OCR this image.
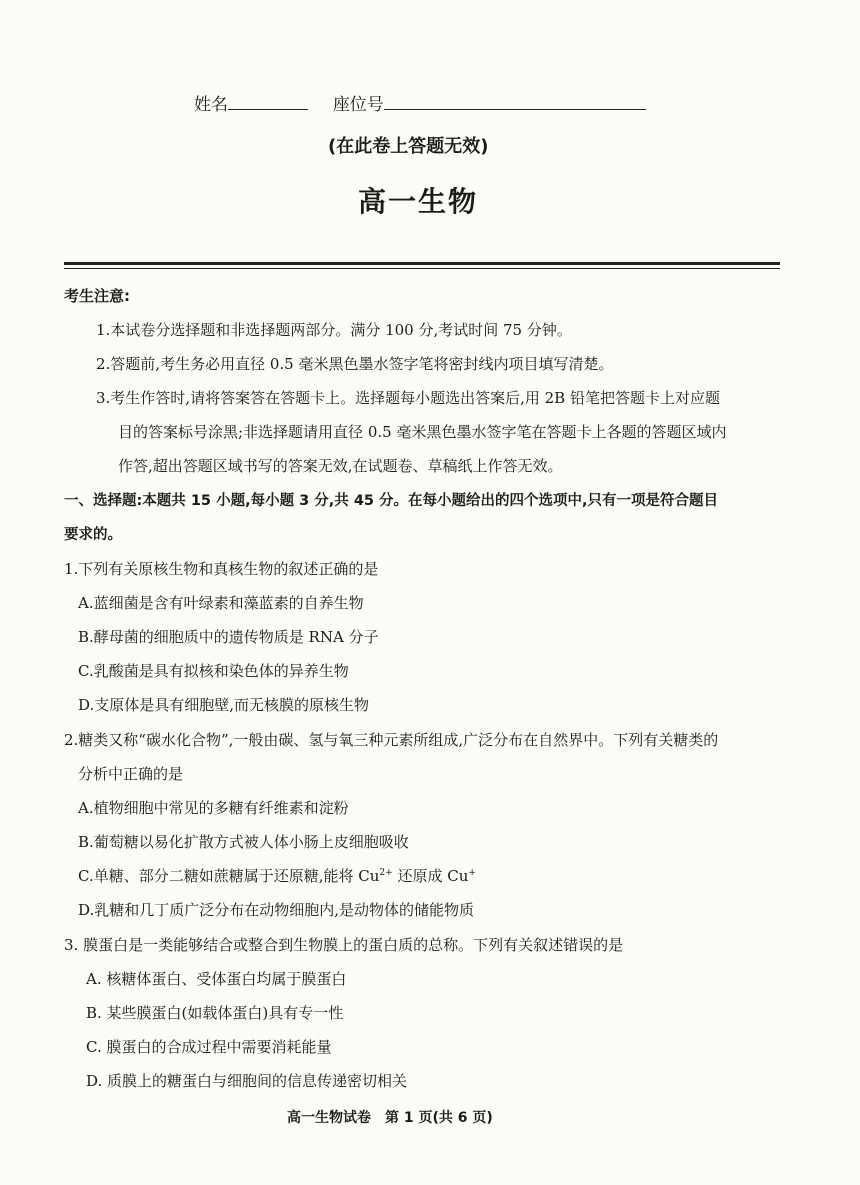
姓名	座位号
(在此卷上答题无效)
高一生物
考生注意:
1.本试卷分选择题和非选择题两部分。满分 100 分,考试时间 75 分钟。
2.答题前,考生务必用直径 0.5 毫米黑色墨水签字笔将密封线内项目填写清楚。
3.考生作答时,请将答案答在答题卡上。选择题每小题选出答案后,用 2B 铅笔把答题卡上对应题
目的答案标号涂黑;非选择题请用直径 0.5 毫米黑色墨水签字笔在答题卡上各题的答题区域内
作答,超出答题区域书写的答案无效,在试题卷、草稿纸上作答无效。
一、选择题:本题共 15 小题,每小题 3 分,共 45 分。在每小题给出的四个选项中,只有一项是符合题目
要求的。
1.下列有关原核生物和真核生物的叙述正确的是
A.蓝细菌是含有叶绿素和藻蓝素的自养生物
B.酵母菌的细胞质中的遗传物质是 RNA 分子
C.乳酸菌是具有拟核和染色体的异养生物
D.支原体是具有细胞壁,而无核膜的原核生物
2.糖类又称“碳水化合物”,一般由碳、氢与氧三种元素所组成,广泛分布在自然界中。下列有关糖类的
分析中正确的是
A.植物细胞中常见的多糖有纤维素和淀粉
B.葡萄糖以易化扩散方式被人体小肠上皮细胞吸收
C.单糖、部分二糖如蔗糖属于还原糖,能将 $Cu^{2+}$ 还原成 Cu+
D.乳糖和几丁质广泛分布在动物细胞内,是动物体的储能物质
3. 膜蛋白是一类能够结合或整合到生物膜上的蛋白质的总称。下列有关叙述错误的是
A. 核糖体蛋白、受体蛋白均属于膜蛋白
B. 某些膜蛋白(如载体蛋白)具有专一性
C. 膜蛋白的合成过程中需要消耗能量
D. 质膜上的糖蛋白与细胞间的信息传递密切相关
高一生物试卷　第 1 页(共 6 页)
